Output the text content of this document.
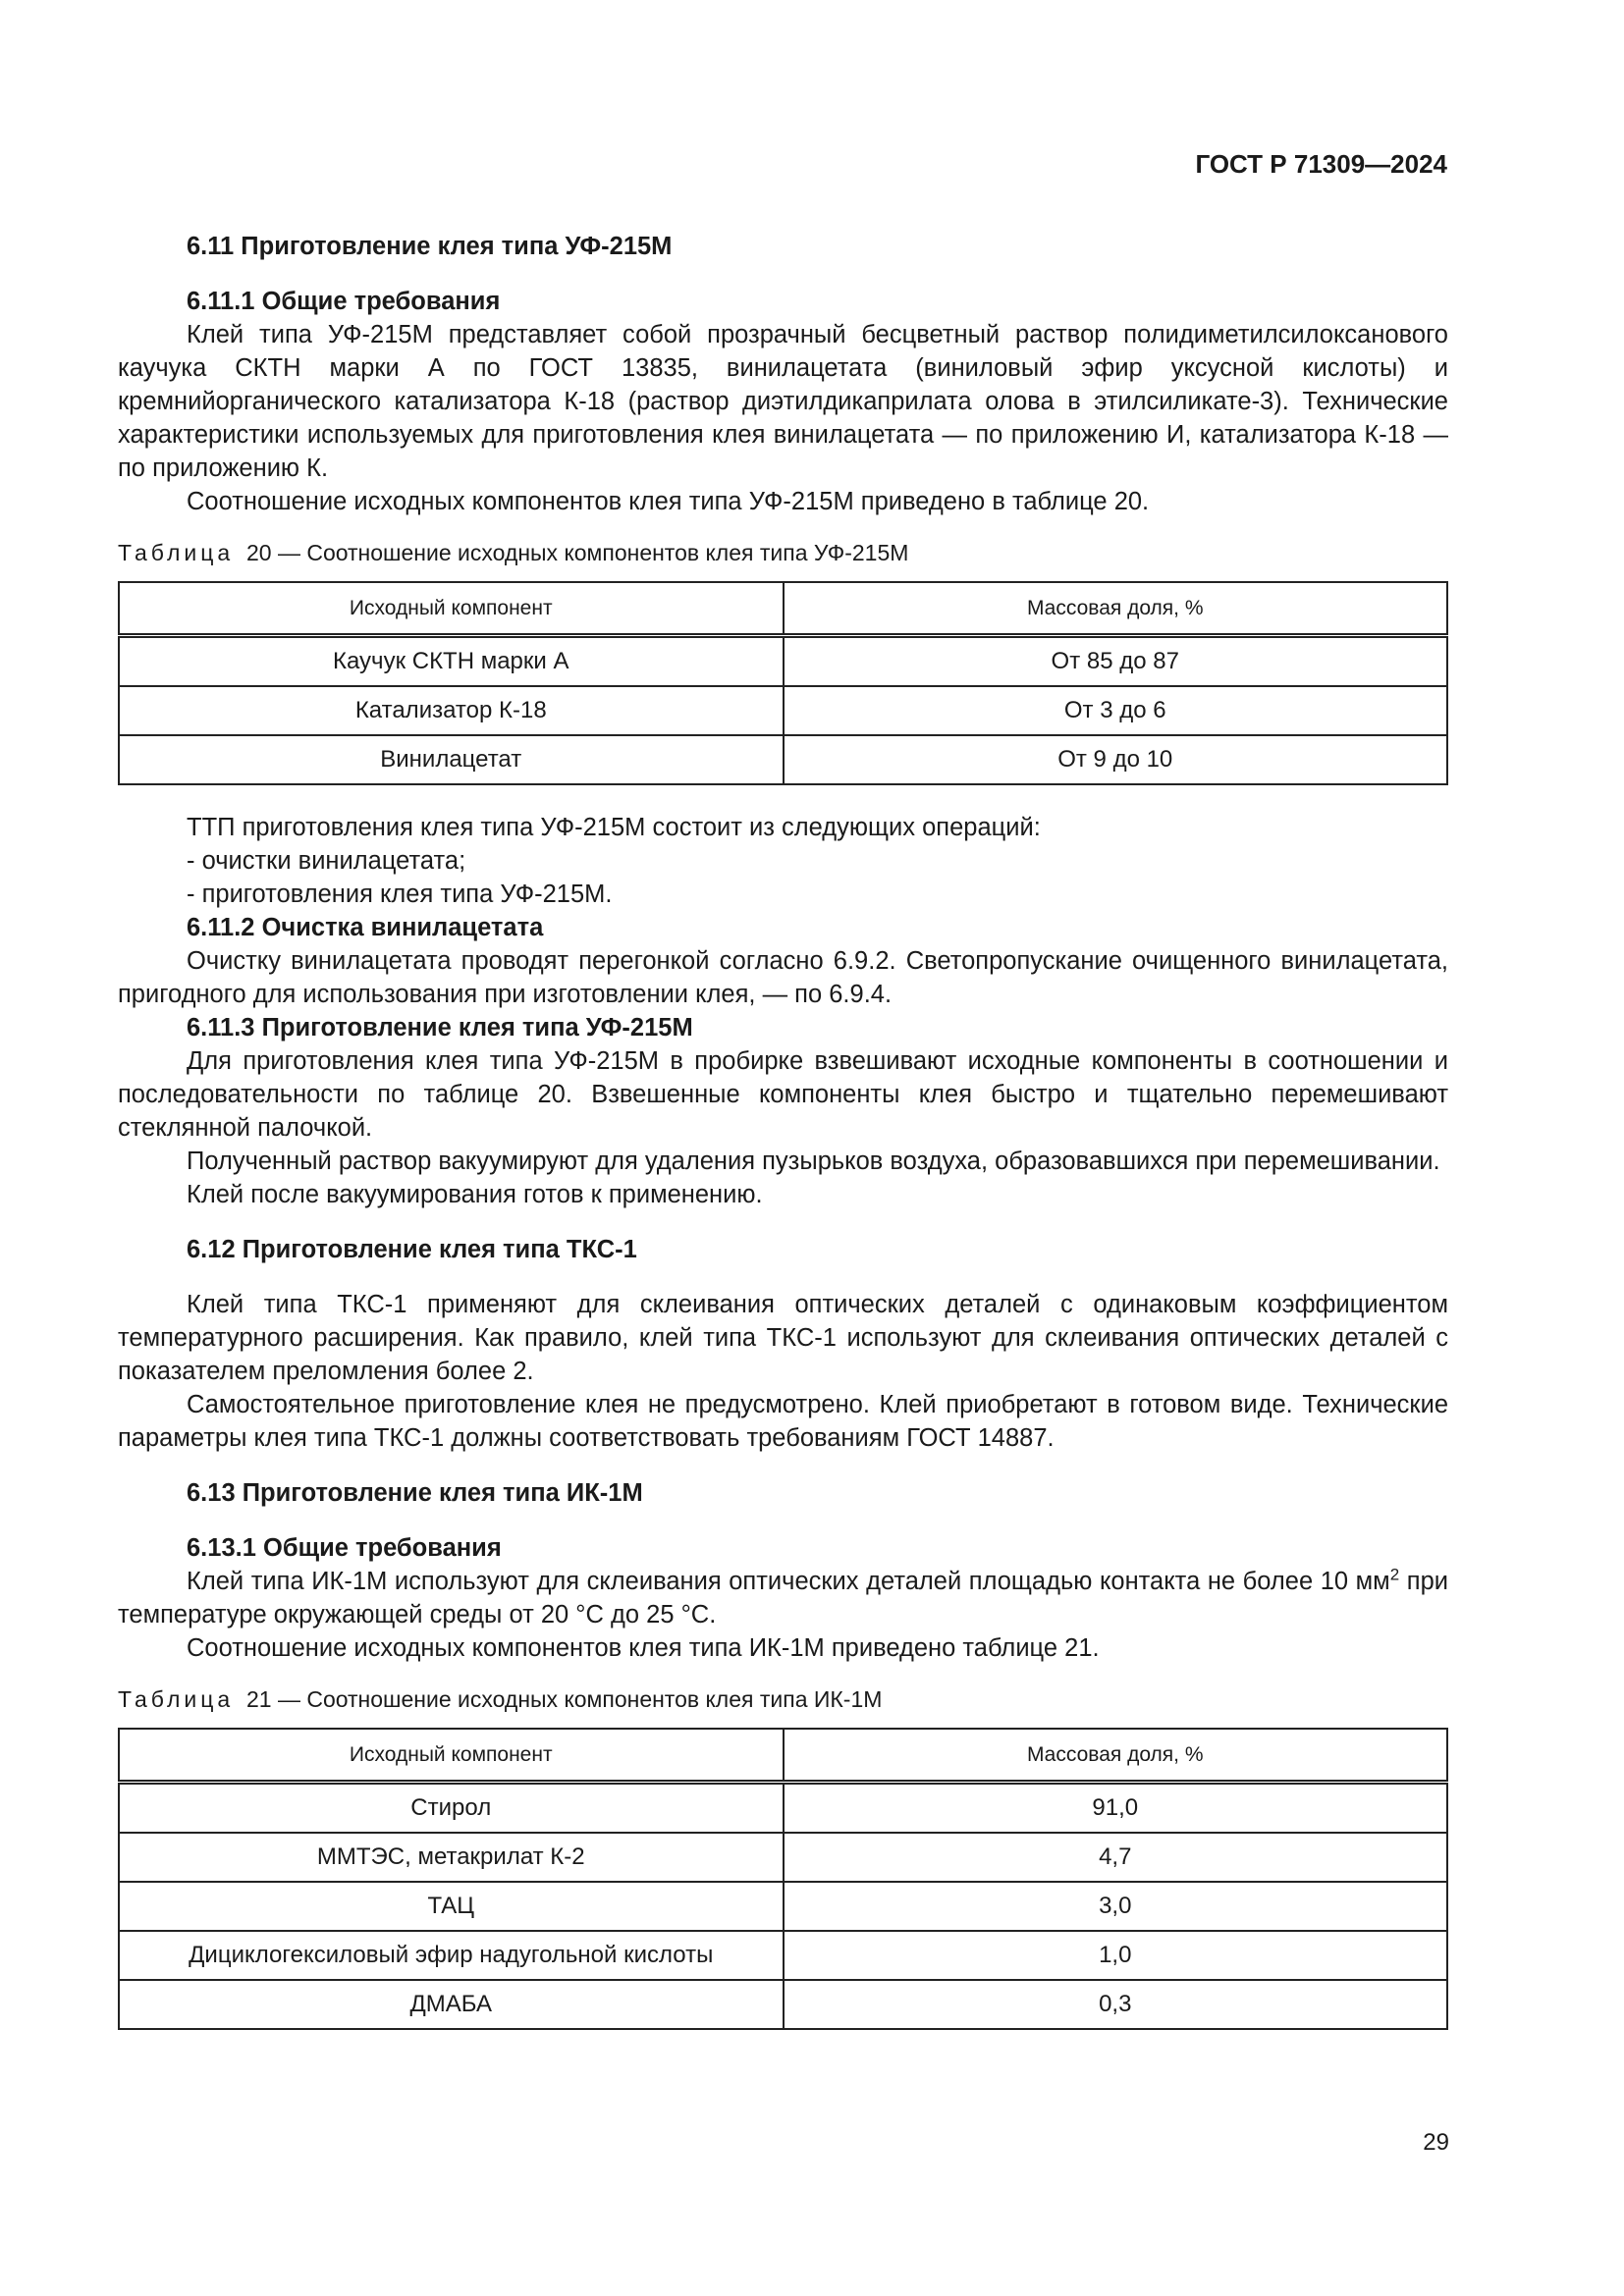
ГОСТ Р 71309—2024
6.11 Приготовление клея типа УФ-215М
6.11.1 Общие требования

Клей типа УФ-215М представляет собой прозрачный бесцветный раствор полидиметилсилоксанового каучука СКТН марки А по ГОСТ 13835, винилацетата (виниловый эфир уксусной кислоты) и кремнийорганического катализатора К-18 (раствор диэтилдикаприлата олова в этилсиликате-3). Технические характеристики используемых для приготовления клея винилацетата — по приложению И, катализатора К-18 — по приложению К.

Соотношение исходных компонентов клея типа УФ-215М приведено в таблице 20.

Таблица 20 — Соотношение исходных компонентов клея типа УФ-215М
Исходный компонент	Массовая доля, %
Каучук СКТН марки А	От 85 до 87
Катализатор К-18	От 3 до 6
Винилацетат	От 9 до 10

ТТП приготовления клея типа УФ-215М состоит из следующих операций:

- очистки винилацетата;

- приготовления клея типа УФ-215М.

6.11.2 Очистка винилацетата

Очистку винилацетата проводят перегонкой согласно 6.9.2. Светопропускание очищенного винилацетата, пригодного для использования при изготовлении клея, — по 6.9.4.

6.11.3 Приготовление клея типа УФ-215М

Для приготовления клея типа УФ-215М в пробирке взвешивают исходные компоненты в соотношении и последовательности по таблице 20. Взвешенные компоненты клея быстро и тщательно перемешивают стеклянной палочкой.

Полученный раствор вакуумируют для удаления пузырьков воздуха, образовавшихся при перемешивании.

Клей после вакуумирования готов к применению.

6.12 Приготовление клея типа ТКС-1

Клей типа ТКС-1 применяют для склеивания оптических деталей с одинаковым коэффициентом температурного расширения. Как правило, клей типа ТКС-1 используют для склеивания оптических деталей с показателем преломления более 2.

Самостоятельное приготовление клея не предусмотрено. Клей приобретают в готовом виде. Технические параметры клея типа ТКС-1 должны соответствовать требованиям ГОСТ 14887.

6.13 Приготовление клея типа ИК-1М
6.13.1 Общие требования

Клей типа ИК-1М используют для склеивания оптических деталей площадью контакта не более 10 $мм^2$ при температуре окружающей среды от 20 °С до 25 °С.

Соотношение исходных компонентов клея типа ИК-1М приведено таблице 21.

Таблица 21 — Соотношение исходных компонентов клея типа ИК-1М
Исходный компонент	Массовая доля, %
Стирол	91,0
ММТЭС, метакрилат К-2	4,7
ТАЦ	3,0
Дициклогексиловый эфир надугольной кислоты	1,0
ДМАБА	0,3
29
